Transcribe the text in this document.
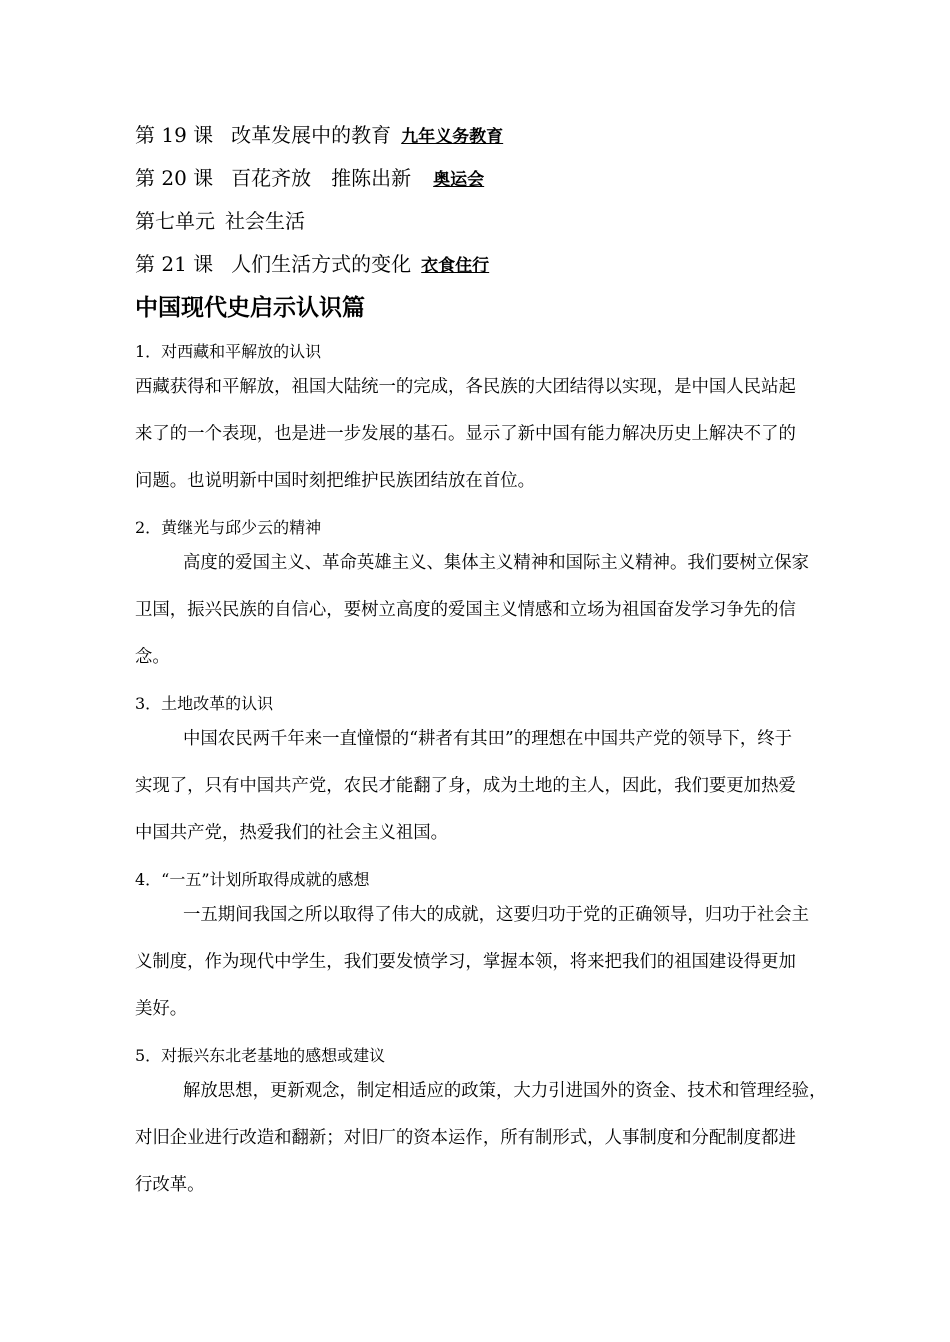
第 19 课 改革发展中的教育 九年义务教育
第 20 课 百花齐放　推陈出新 奥运会
第七单元 社会生活
第 21 课 人们生活方式的变化 衣食住行
中国现代史启示认识篇
1．对西藏和平解放的认识
西藏获得和平解放，祖国大陆统一的完成，各民族的大团结得以实现，是中国人民站起
来了的一个表现，也是进一步发展的基石。显示了新中国有能力解决历史上解决不了的
问题。也说明新中国时刻把维护民族团结放在首位。
2．黄继光与邱少云的精神
高度的爱国主义、革命英雄主义、集体主义精神和国际主义精神。我们要树立保家
卫国，振兴民族的自信心，要树立高度的爱国主义情感和立场为祖国奋发学习争先的信
念。
3．土地改革的认识
中国农民两千年来一直憧憬的“耕者有其田”的理想在中国共产党的领导下，终于
实现了，只有中国共产党，农民才能翻了身，成为土地的主人，因此，我们要更加热爱
中国共产党，热爱我们的社会主义祖国。
4．“一五”计划所取得成就的感想
一五期间我国之所以取得了伟大的成就，这要归功于党的正确领导，归功于社会主
义制度，作为现代中学生，我们要发愤学习，掌握本领，将来把我们的祖国建设得更加
美好。
5．对振兴东北老基地的感想或建议
解放思想，更新观念，制定相适应的政策，大力引进国外的资金、技术和管理经验，
对旧企业进行改造和翻新；对旧厂的资本运作，所有制形式，人事制度和分配制度都进
行改革。
